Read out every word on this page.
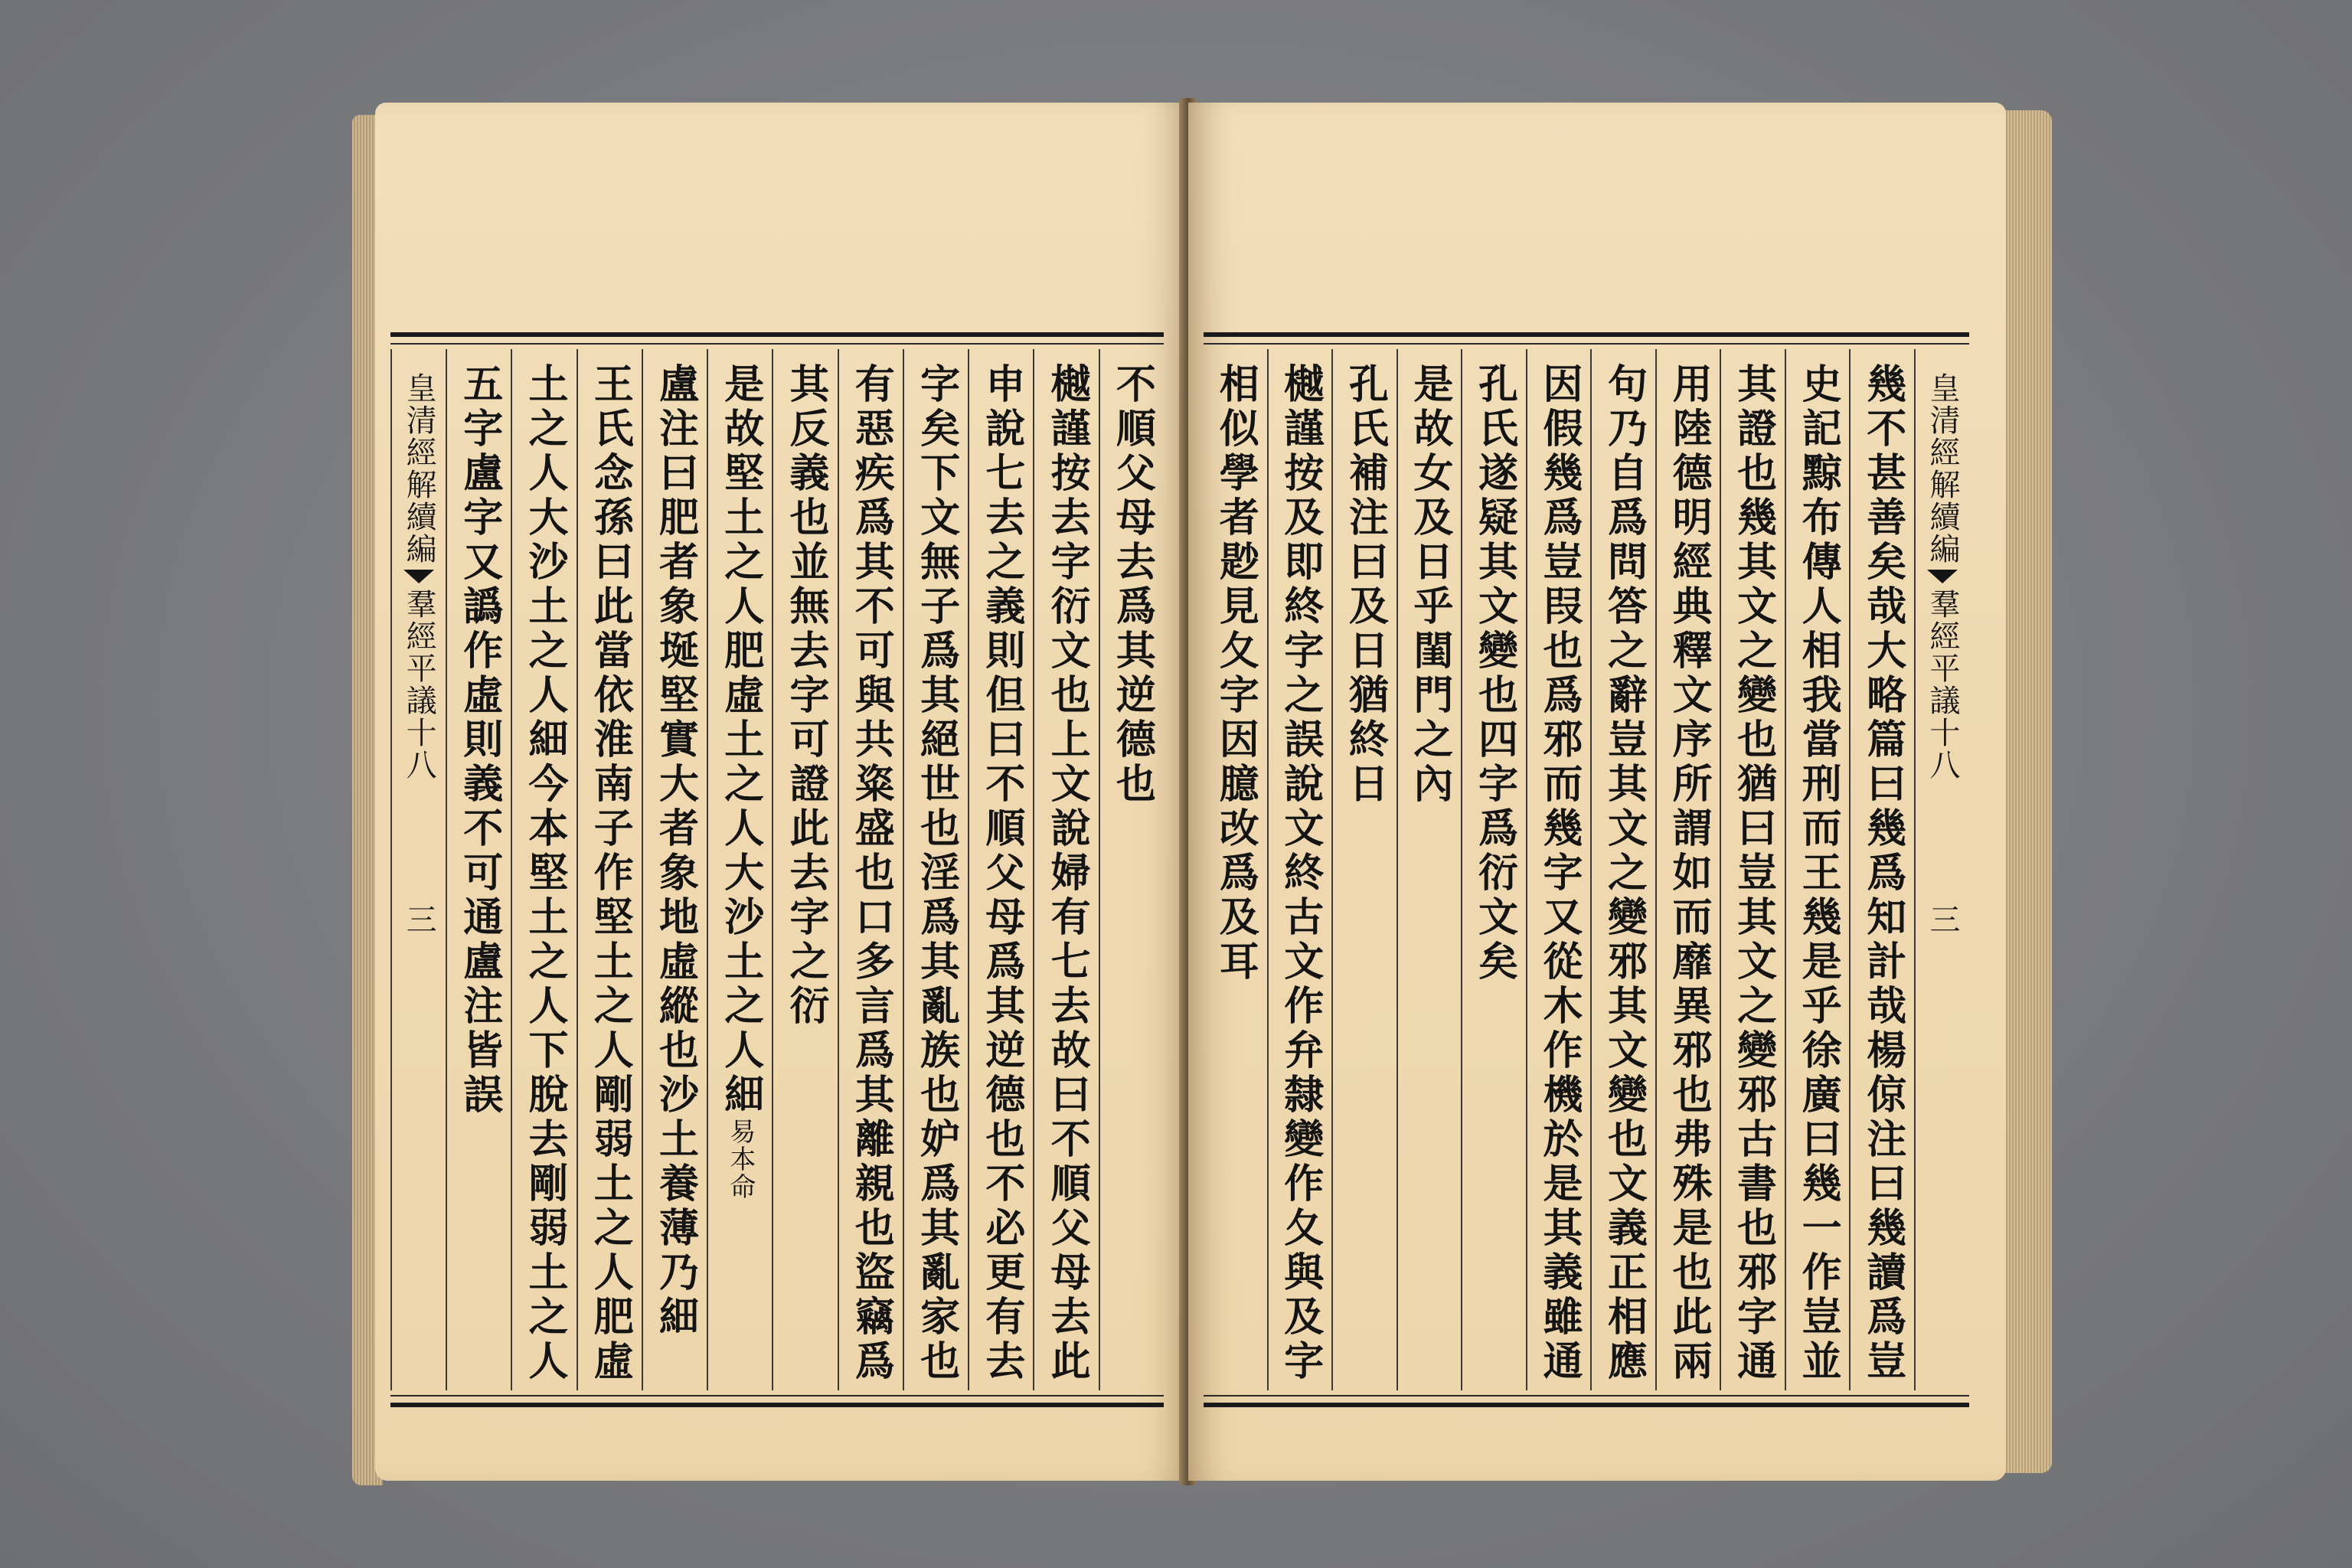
不順父母去爲其逆德也
樾謹按去字衍文也上文說婦有七去故曰不順父母去此
申說七去之義則但曰不順父母爲其逆德也不必更有去
字矣下文無子爲其絕世也淫爲其亂族也妒爲其亂家也
有惡疾爲其不可與共粢盛也口多言爲其離親也盜竊爲
其反義也並無去字可證此去字之衍
是故堅土之人肥虛土之人大沙土之人細易本命
盧注曰肥者象埏堅實大者象地虛縱也沙土養薄乃細
王氏念孫曰此當依淮南子作堅土之人剛弱土之人肥虛
土之人大沙土之人細今本堅土之人下脫去剛弱土之人
五字盧字又譌作虛則義不可通盧注皆誤
皇清經解續編
羣經平議十八
三
皇清經解續編
羣經平議十八
三
幾不甚善矣哉大略篇曰幾爲知計哉楊倞注曰幾讀爲豈
史記黥布傳人相我當刑而王幾是乎徐廣曰幾一作豈並
其證也幾其文之變也猶曰豈其文之變邪古書也邪字通
用陸德明經典釋文序所謂如而靡異邪也弗殊是也此兩
句乃自爲問答之辭豈其文之變邪其文變也文義正相應
因假幾爲豈叚也爲邪而幾字又從木作機於是其義雖通
孔氏遂疑其文變也四字爲衍文矣
是故女及日乎閨門之內
孔氏補注曰及日猶終日
樾謹按及即終字之誤說文終古文作弁隸變作夂與及字
相似學者尟見夂字因臆改爲及耳
